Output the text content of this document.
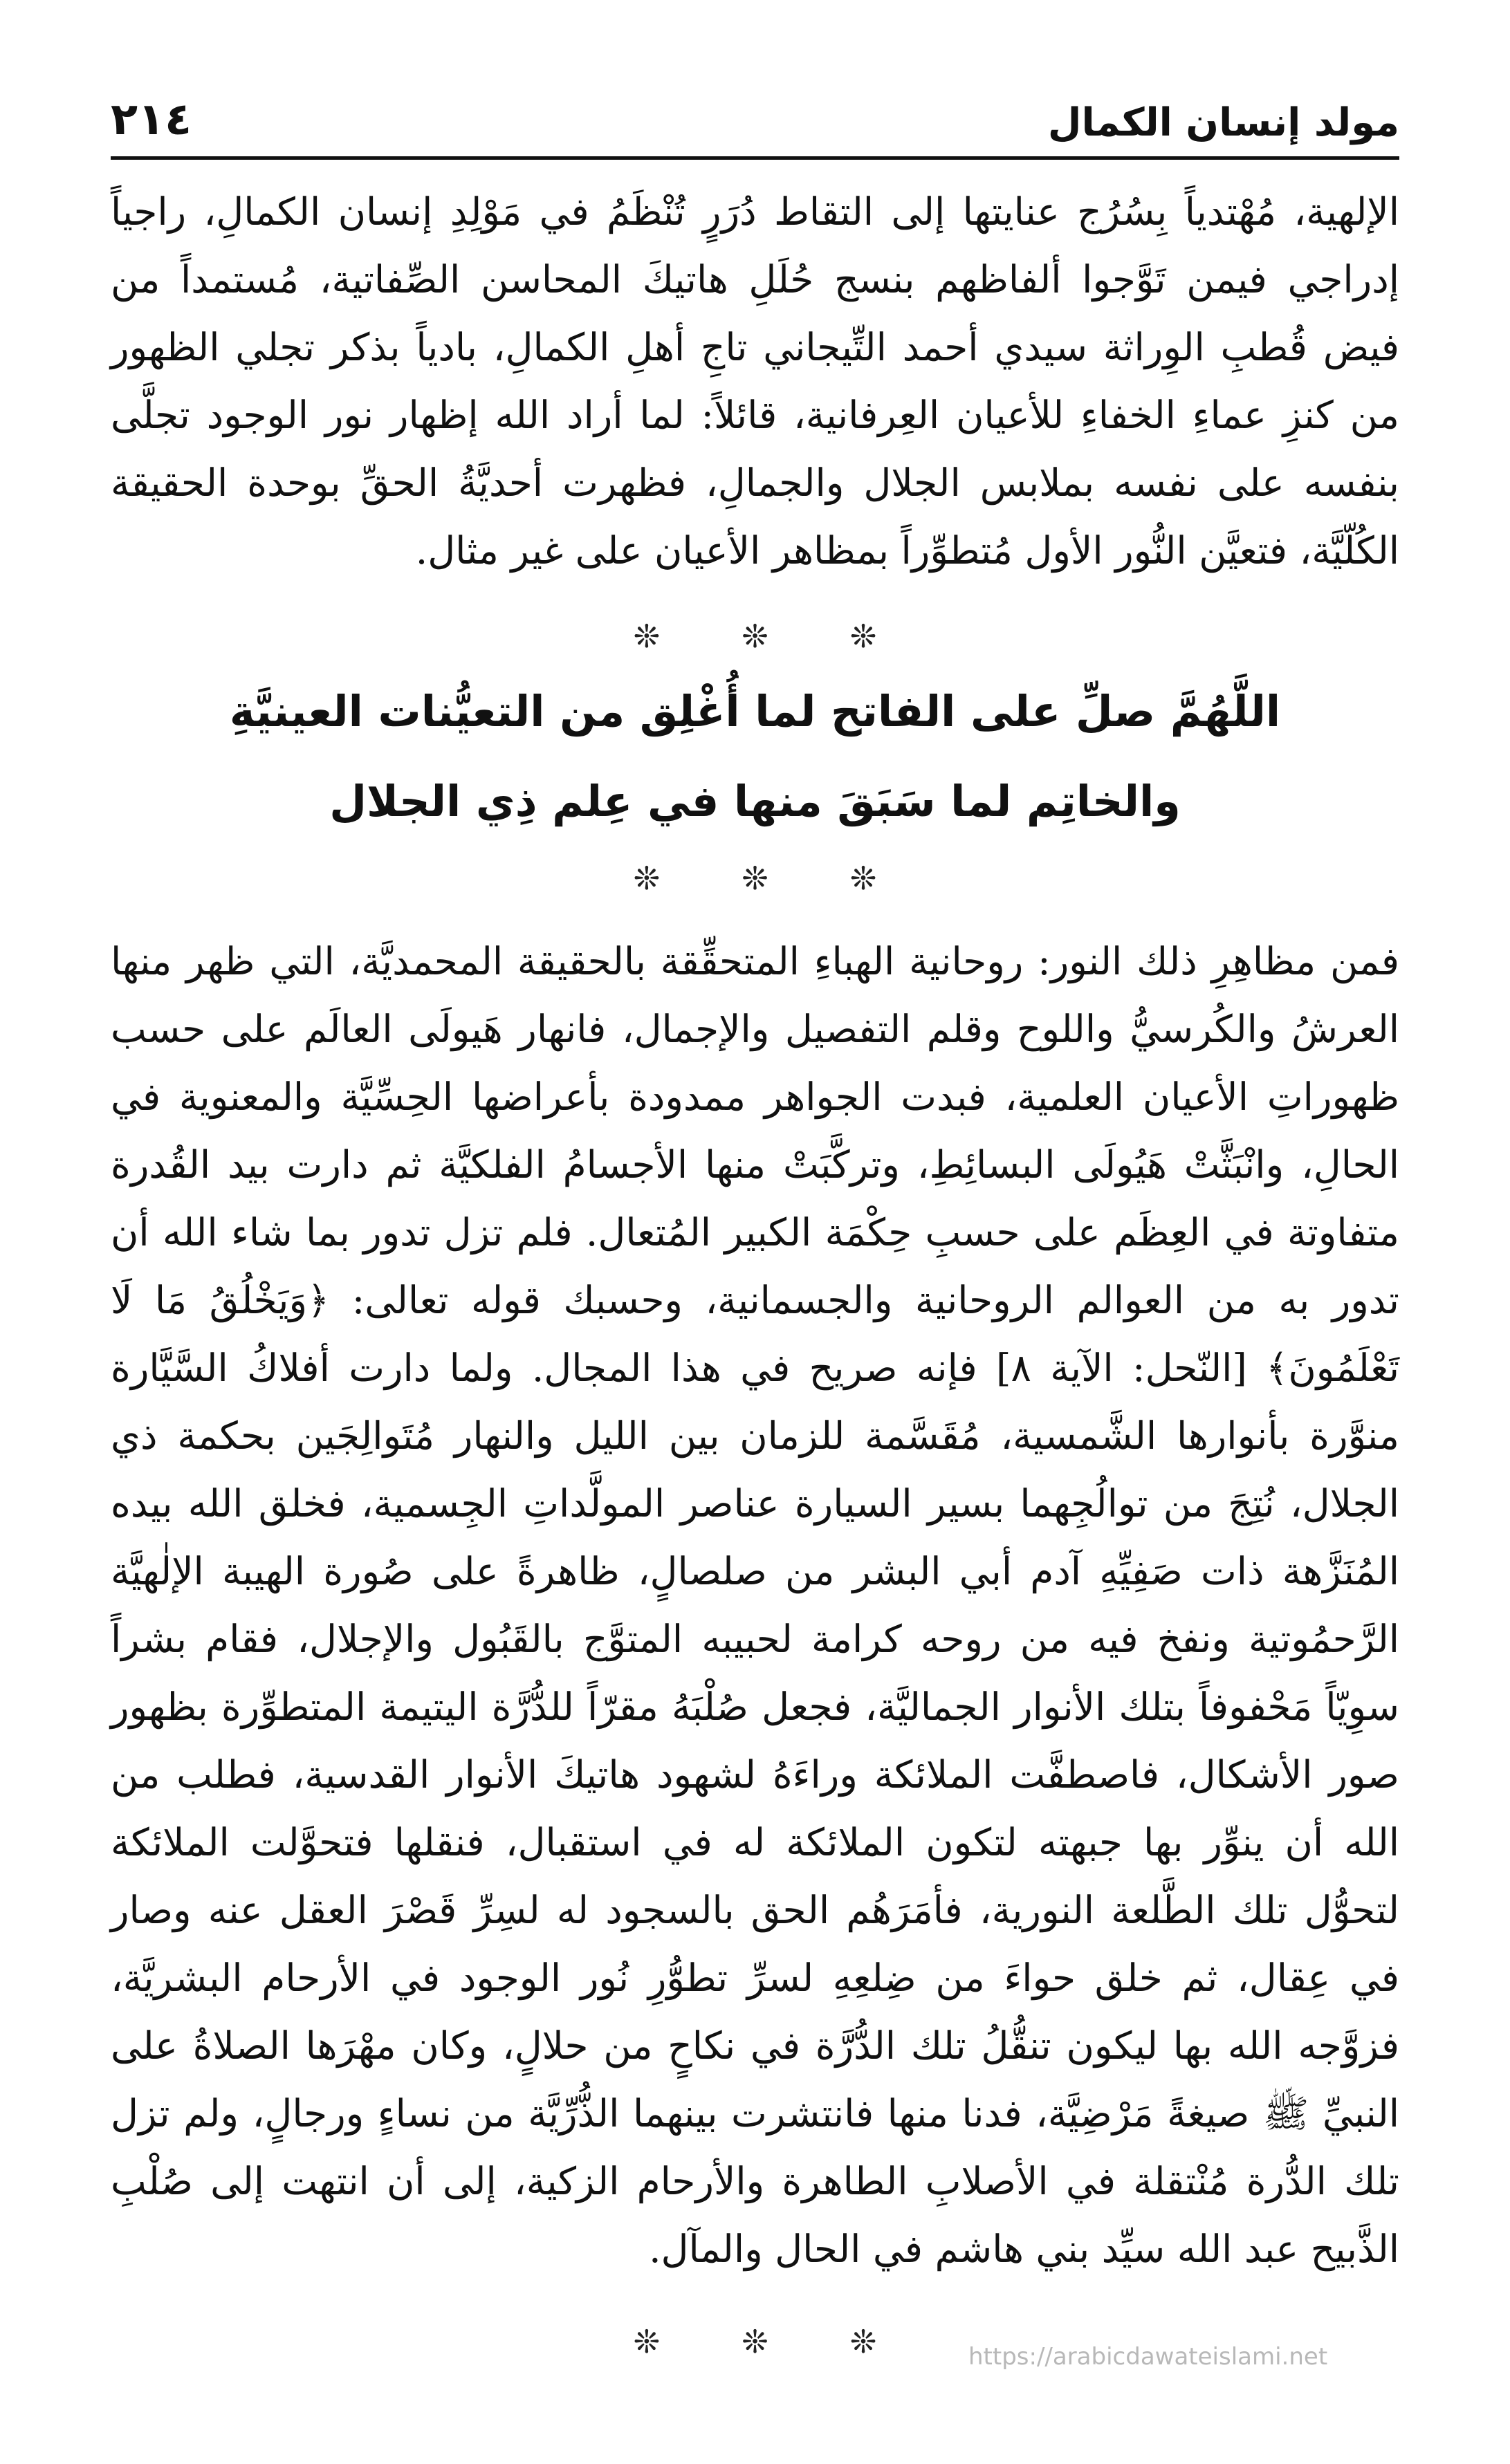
٢١٤	مولد إنسان الكمال

الإلهية، مُهْتدياً بِسُرُج عنايتها إلى التقاط دُرَرٍ تُنْظَمُ في مَوْلِدِ إنسان الكمالِ، راجياً إدراجي فيمن تَوَّجوا ألفاظهم بنسج حُلَلِ هاتيكَ المحاسن الصِّفاتية، مُستمداً من فيض قُطبِ الوِراثة سيدي أحمد التِّيجاني تاجِ أهلِ الكمالِ، بادياً بذكر تجلي الظهور من كنزِ عماءِ الخفاءِ للأعيان العِرفانية، قائلاً: لما أراد الله إظهار نور الوجود تجلَّى بنفسه على نفسه بملابس الجلال والجمالِ، فظهرت أحديَّةُ الحقِّ بوحدة الحقيقة الكُلّيَّة، فتعيَّن النُّور الأول مُتطوِّراً بمظاهر الأعيان على غير مثال.

❊	❊	❊

اللَّهُمَّ صلِّ على الفاتح لما أُغْلِق من التعيُّنات العينيَّةِ

والخاتِم لما سَبَقَ منها في عِلم ذِي الجلال

❊	❊	❊

فمن مظاهِرِ ذلك النور: روحانية الهباءِ المتحقِّقة بالحقيقة المحمديَّة، التي ظهر منها العرشُ والكُرسيُّ واللوح وقلم التفصيل والإجمال، فانهار هَيولَى العالَم على حسب ظهوراتِ الأعيان العلمية، فبدت الجواهر ممدودة بأعراضها الحِسِّيَّة والمعنوية في الحالِ، وانْبَثَّتْ هَيُولَى البسائِطِ، وتركَّبَتْ منها الأجسامُ الفلكيَّة ثم دارت بيد القُدرة متفاوتة في العِظَم على حسبِ حِكْمَة الكبير المُتعال. فلم تزل تدور بما شاء الله أن تدور به من العوالم الروحانية والجسمانية، وحسبك قوله تعالى: ﴿وَيَخْلُقُ مَا لَا تَعْلَمُونَ﴾ [النّحل: الآية ٨] فإنه صريح في هذا المجال. ولما دارت أفلاكُ السَّيَّارة منوَّرة بأنوارها الشَّمسية، مُقَسَّمة للزمان بين الليل والنهار مُتَوالِجَين بحكمة ذي الجلال، نُتِجَ من توالُجِهما بسير السيارة عناصر المولَّداتِ الجِسمية، فخلق الله بيده المُنَزَّهة ذات صَفِيِّهِ آدم أبي البشر من صلصالٍ، ظاهرةً على صُورة الهيبة الإلٰهيَّة الرَّحمُوتية ونفخ فيه من روحه كرامة لحبيبه المتوَّج بالقَبُول والإجلال، فقام بشراً سوِيّاً مَحْفوفاً بتلك الأنوار الجماليَّة، فجعل صُلْبَهُ مقرّاً للدُّرَّة اليتيمة المتطوِّرة بظهور صور الأشكال، فاصطفَّت الملائكة وراءَهُ لشهود هاتيكَ الأنوار القدسية، فطلب من الله أن ينوِّر بها جبهته لتكون الملائكة له في استقبال، فنقلها فتحوَّلت الملائكة لتحوُّل تلك الطَّلعة النورية، فأمَرَهُم الحق بالسجود له لسِرِّ قَصْرَ العقل عنه وصار في عِقال، ثم خلق حواءَ من ضِلعِهِ لسرِّ تطوُّرِ نُور الوجود في الأرحام البشريَّة، فزوَّجه الله بها ليكون تنقُّلُ تلك الدُّرَّة في نكاحٍ من حلالٍ، وكان مهْرَها الصلاةُ على النبيِّ ﷺ صيغةً مَرْضِيَّة، فدنا منها فانتشرت بينهما الذُّرِّيَّة من نساءٍ ورجالٍ، ولم تزل تلك الدُّرة مُنْتقلة في الأصلابِ الطاهرة والأرحام الزكية، إلى أن انتهت إلى صُلْبِ الذَّبيح عبد الله سيِّد بني هاشم في الحال والمآل.

❊	❊	❊	https://arabicdawateislami.net
